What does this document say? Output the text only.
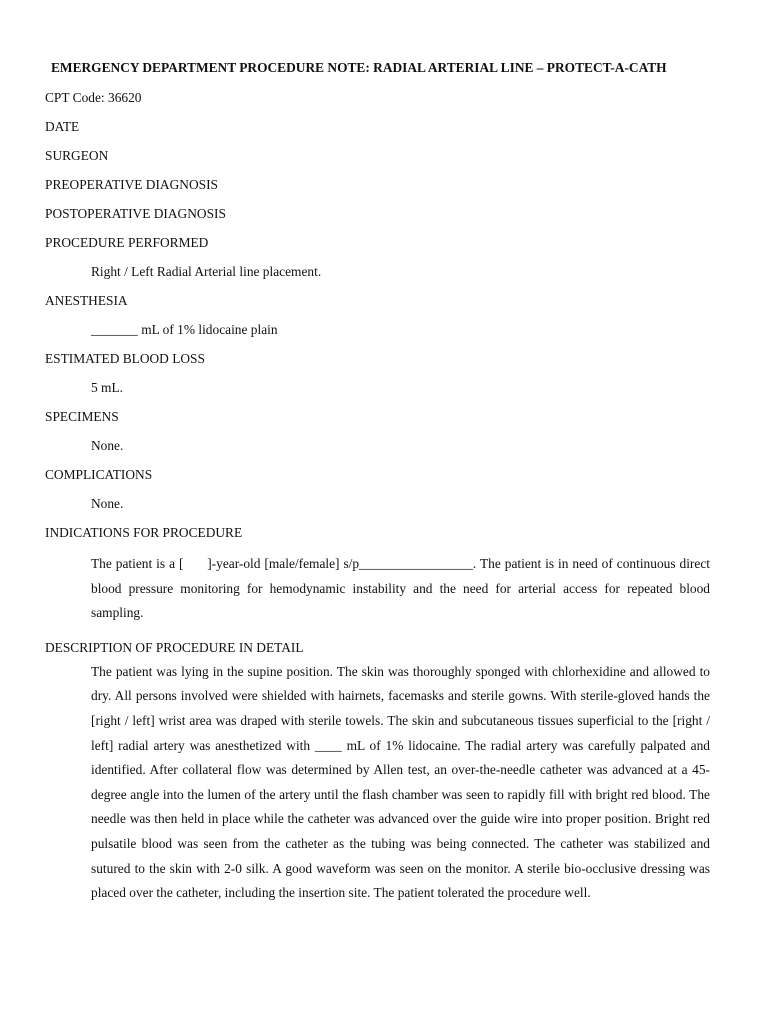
EMERGENCY DEPARTMENT PROCEDURE NOTE: RADIAL ARTERIAL LINE – PROTECT-A-CATH
CPT Code: 36620
DATE
SURGEON
PREOPERATIVE DIAGNOSIS
POSTOPERATIVE DIAGNOSIS
PROCEDURE PERFORMED
Right / Left Radial Arterial line placement.
ANESTHESIA
_______ mL of 1% lidocaine plain
ESTIMATED BLOOD LOSS
5 mL.
SPECIMENS
None.
COMPLICATIONS
None.
INDICATIONS FOR PROCEDURE
The patient is a [      ]-year-old [male/female] s/p_________________. The patient is in need of continuous direct blood pressure monitoring for hemodynamic instability and the need for arterial access for repeated blood sampling.
DESCRIPTION OF PROCEDURE IN DETAIL
The patient was lying in the supine position. The skin was thoroughly sponged with chlorhexidine and allowed to dry. All persons involved were shielded with hairnets, facemasks and sterile gowns. With sterile-gloved hands the [right / left] wrist area was draped with sterile towels. The skin and subcutaneous tissues superficial to the [right / left] radial artery was anesthetized with ____ mL of 1% lidocaine. The radial artery was carefully palpated and identified. After collateral flow was determined by Allen test, an over-the-needle catheter was advanced at a 45-degree angle into the lumen of the artery until the flash chamber was seen to rapidly fill with bright red blood. The needle was then held in place while the catheter was advanced over the guide wire into proper position. Bright red pulsatile blood was seen from the catheter as the tubing was being connected. The catheter was stabilized and sutured to the skin with 2-0 silk. A good waveform was seen on the monitor. A sterile bio-occlusive dressing was placed over the catheter, including the insertion site. The patient tolerated the procedure well.
